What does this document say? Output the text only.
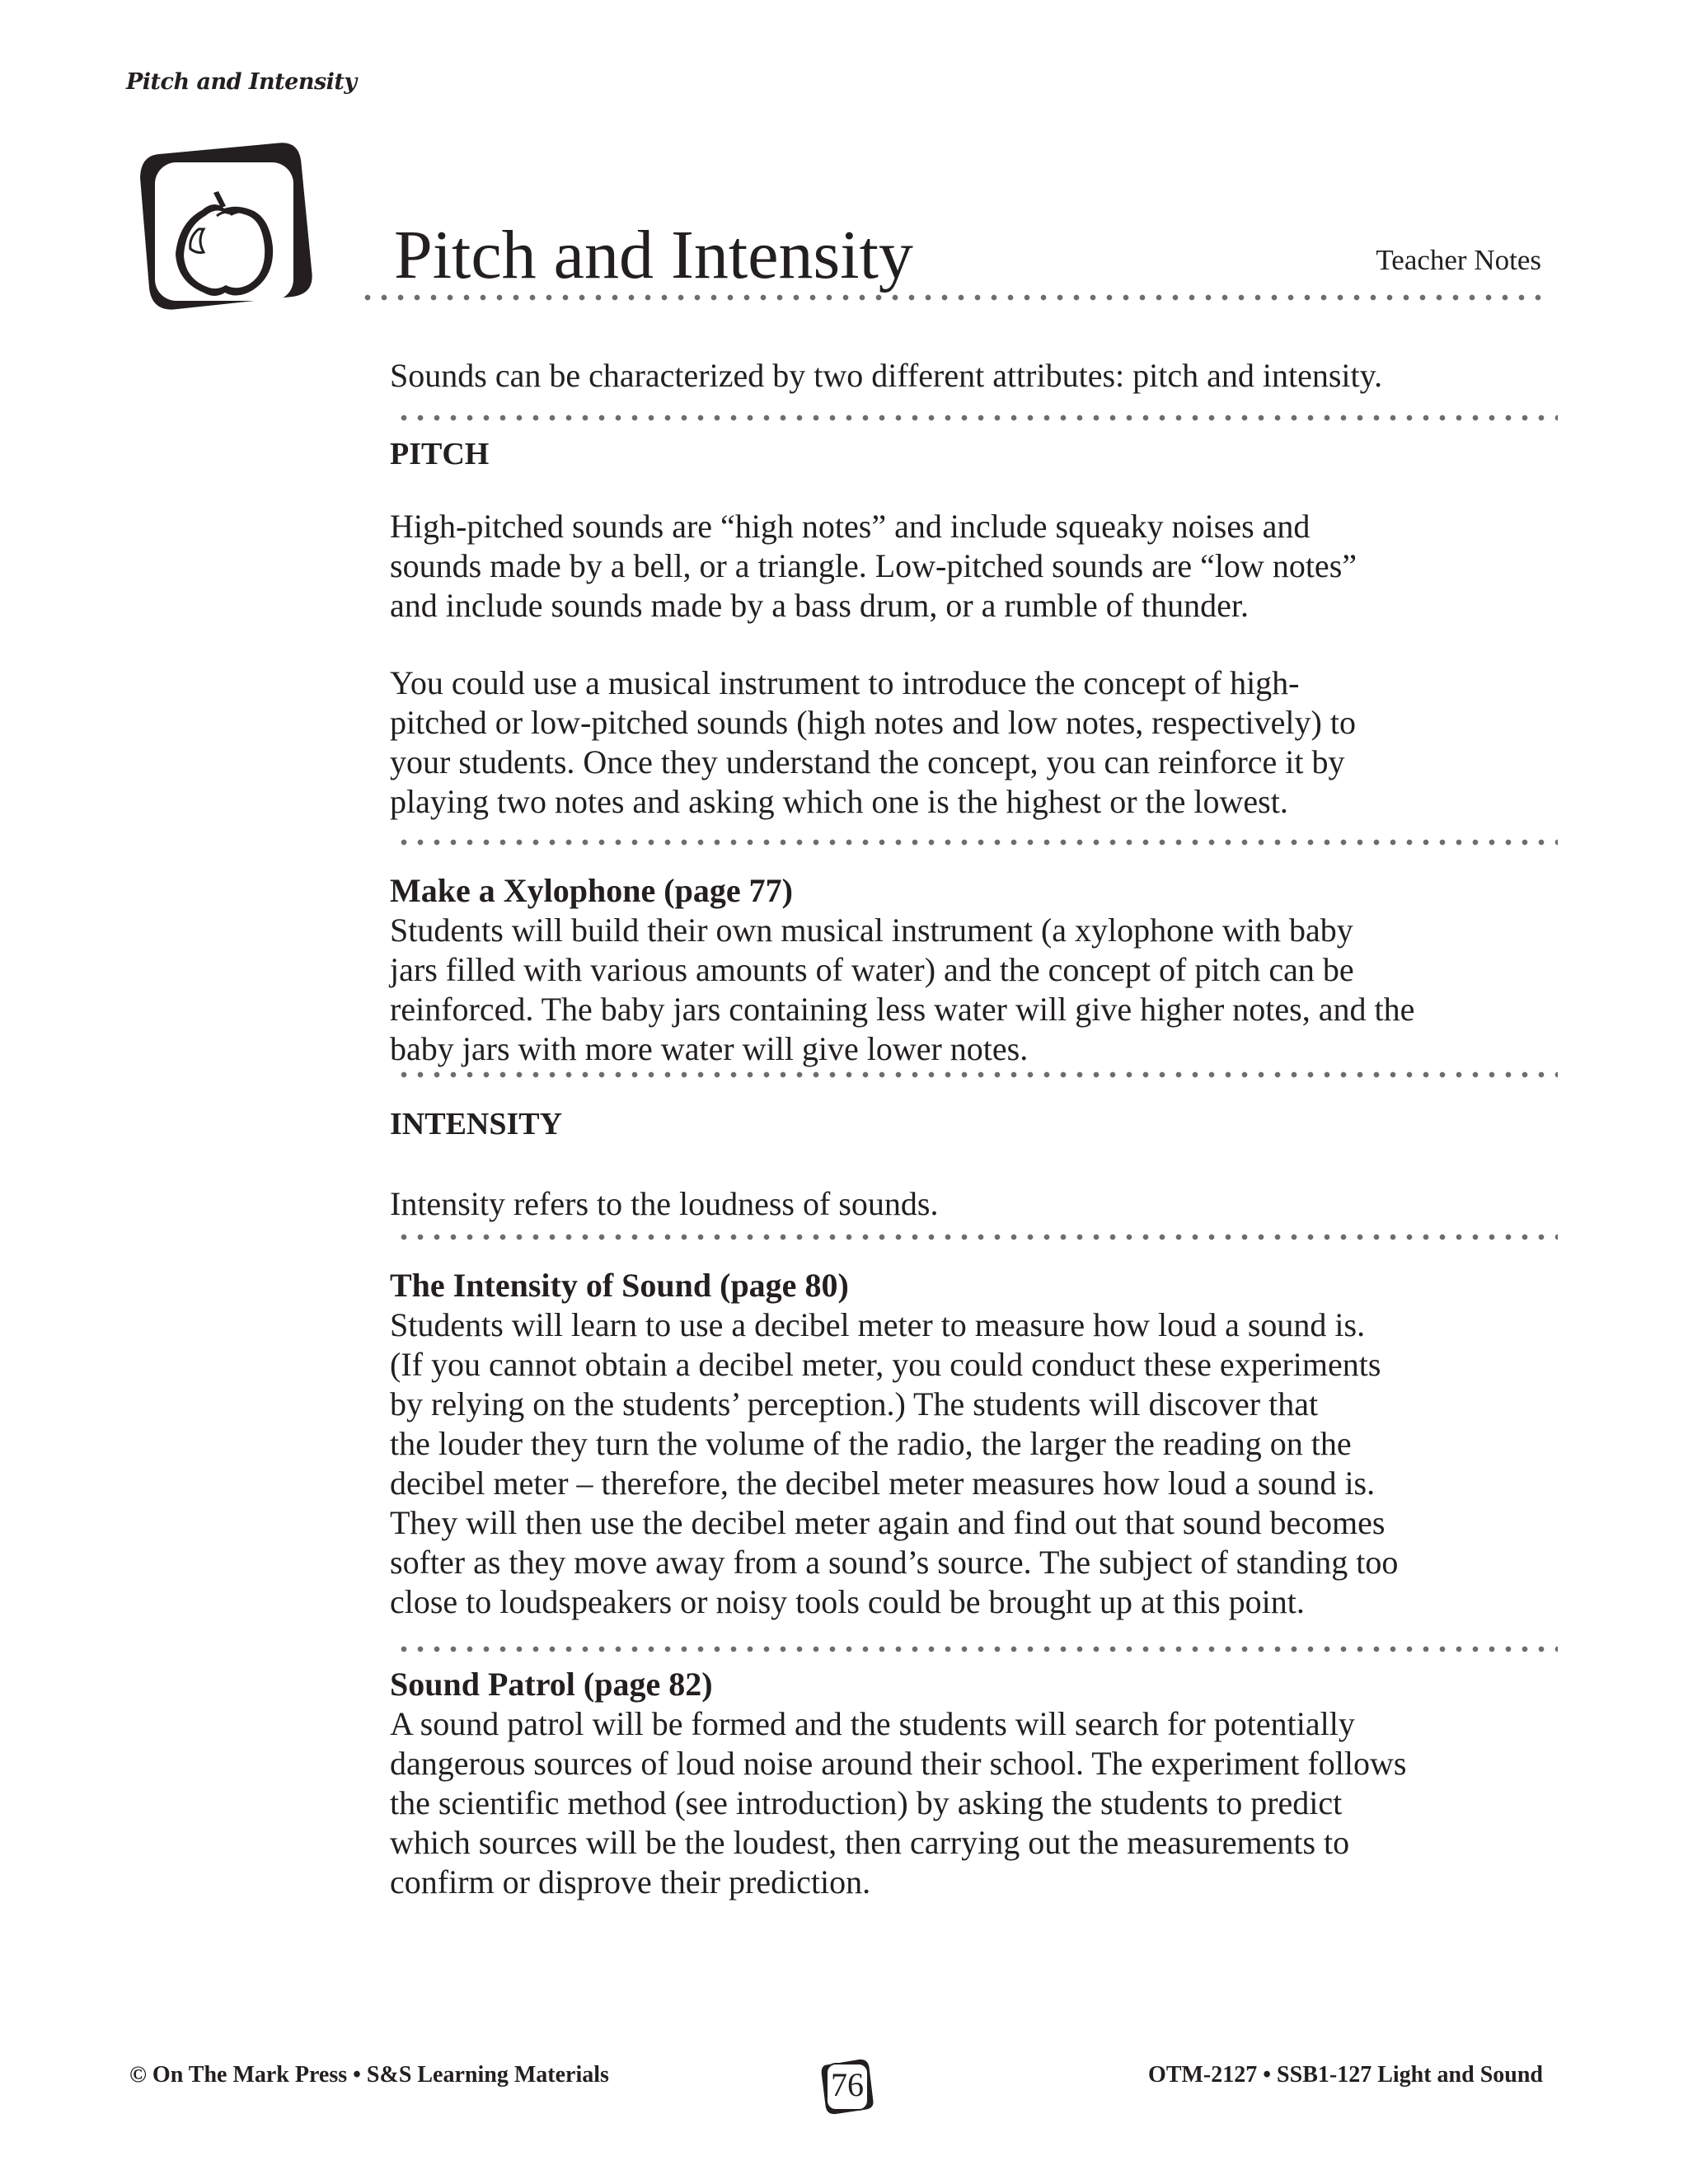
Pitch and Intensity
Pitch and Intensity	Teacher Notes
Sounds can be characterized by two different attributes: pitch and intensity.
PITCH
High-pitched sounds are “high notes” and include squeaky noises and
sounds made by a bell, or a triangle. Low-pitched sounds are “low notes”
and include sounds made by a bass drum, or a rumble of thunder.
You could use a musical instrument to introduce the concept of high-
pitched or low-pitched sounds (high notes and low notes, respectively) to
your students. Once they understand the concept, you can reinforce it by
playing two notes and asking which one is the highest or the lowest.
Make a Xylophone (page 77)
Students will build their own musical instrument (a xylophone with baby
jars filled with various amounts of water) and the concept of pitch can be
reinforced. The baby jars containing less water will give higher notes, and the
baby jars with more water will give lower notes.
INTENSITY
Intensity refers to the loudness of sounds.
The Intensity of Sound (page 80)
Students will learn to use a decibel meter to measure how loud a sound is.
(If you cannot obtain a decibel meter, you could conduct these experiments
by relying on the students’ perception.) The students will discover that
the louder they turn the volume of the radio, the larger the reading on the
decibel meter – therefore, the decibel meter measures how loud a sound is.
They will then use the decibel meter again and find out that sound becomes
softer as they move away from a sound’s source. The subject of standing too
close to loudspeakers or noisy tools could be brought up at this point.
Sound Patrol (page 82)
A sound patrol will be formed and the students will search for potentially
dangerous sources of loud noise around their school. The experiment follows
the scientific method (see introduction) by asking the students to predict
which sources will be the loudest, then carrying out the measurements to
confirm or disprove their prediction.
© On The Mark Press • S&S Learning Materials	76	OTM-2127 • SSB1-127 Light and Sound
